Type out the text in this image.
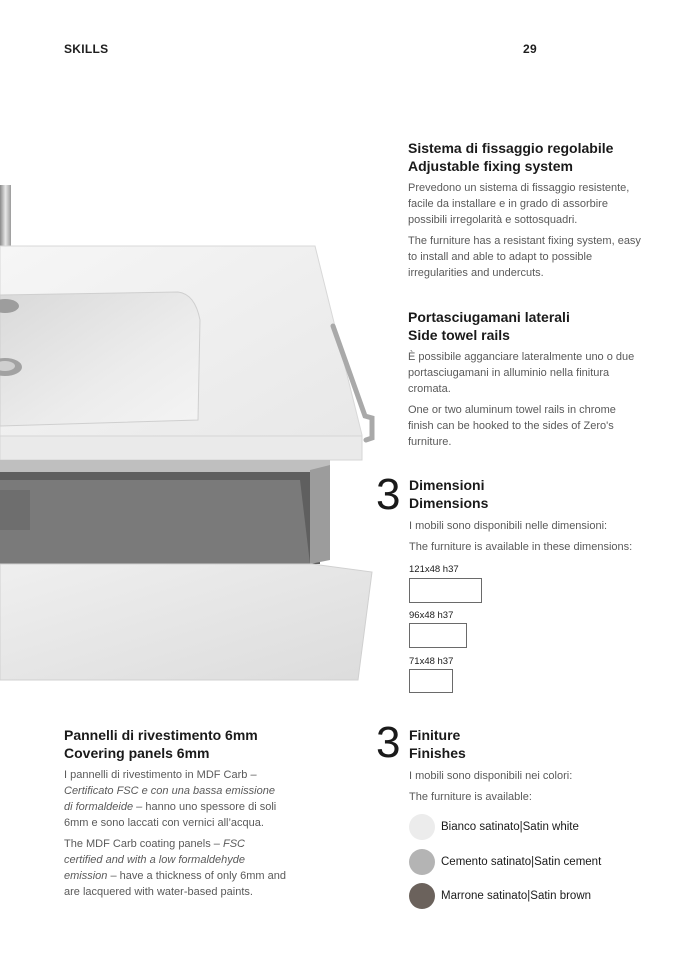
SKILLS	29
Sistema di fissaggio regolabile
Adjustable fixing system

Prevedono un sistema di fissaggio resistente, facile da installare e in grado di assorbire possibili irregolarità e sottosquadri.

The furniture has a resistant fixing system, easy to install and able to adapt to possible irregularities and undercuts.

Portasciugamani laterali
Side towel rails

È possibile agganciare lateralmente uno o due portasciugamani in alluminio nella finitura cromata.

One or two aluminum towel rails in chrome finish can be hooked to the sides of Zero's furniture.

3 Dimensioni
Dimensions

I mobili sono disponibili nelle dimensioni:

The furniture is available in these dimensions:

121x48 h37
96x48 h37
71x48 h37
Pannelli di rivestimento 6mm
Covering panels 6mm

I pannelli di rivestimento in MDF Carb – Certificato FSC e con una bassa emissione di formaldeide – hanno uno spessore di soli 6mm e sono laccati con vernici all’acqua.

The MDF Carb coating panels – FSC certified and with a low formaldehyde emission – have a thickness of only 6mm and are lacquered with water-based paints.

3 Finiture
Finishes

I mobili sono disponibili nei colori:

The furniture is available:

Bianco satinato|Satin white
Cemento satinato|Satin cement
Marrone satinato|Satin brown
